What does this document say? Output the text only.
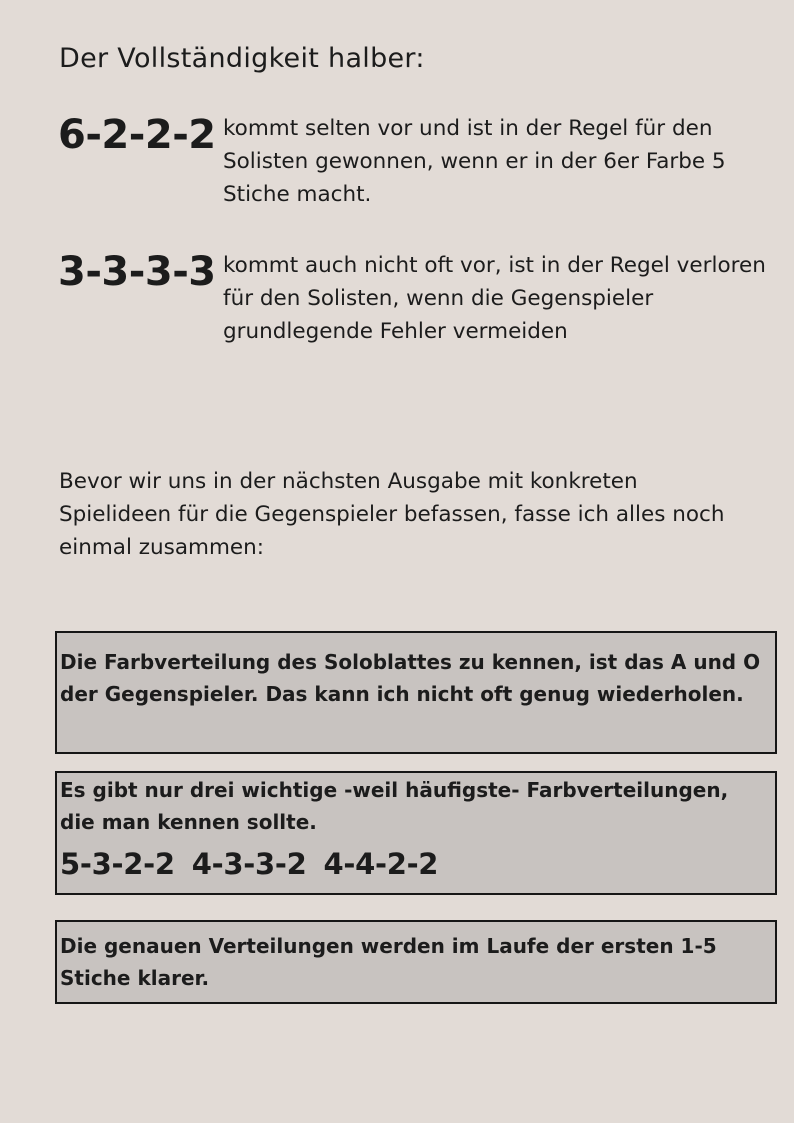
Der Vollständigkeit halber:
6-2-2-2 kommt selten vor und ist in der Regel für den Solisten gewonnen, wenn er in der 6er Farbe 5 Stiche macht.
3-3-3-3 kommt auch nicht oft vor, ist in der Regel verloren für den Solisten, wenn die Gegenspieler grundlegende Fehler vermeiden

Bevor wir uns in der nächsten Ausgabe mit konkreten Spielideen für die Gegenspieler befassen, fasse ich alles noch einmal zusammen:

Die Farbverteilung des Soloblattes zu kennen, ist das A und O der Gegenspieler. Das kann ich nicht oft genug wiederholen.

Es gibt nur drei wichtige -weil häufigste- Farbverteilungen, die man kennen sollte.

5-3-2-2 4-3-3-2 4-4-2-2

Die genauen Verteilungen werden im Laufe der ersten 1-5 Stiche klarer.
